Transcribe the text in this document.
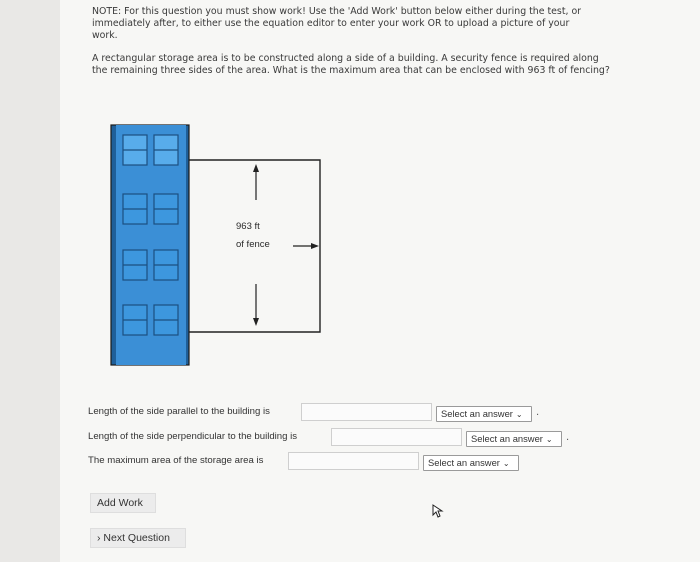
NOTE: For this question you must show work! Use the 'Add Work' button below either during the test, or immediately after, to either use the equation editor to enter your work OR to upload a picture of your work.
A rectangular storage area is to be constructed along a side of a building. A security fence is required along the remaining three sides of the area. What is the maximum area that can be enclosed with 963 ft of fencing?
963 ft
of fence
Length of the side parallel to the building is	Select an answer ⌄	.
Length of the side perpendicular to the building is	Select an answer ⌄	.
The maximum area of the storage area is	Select an answer ⌄
Add Work
› Next Question
